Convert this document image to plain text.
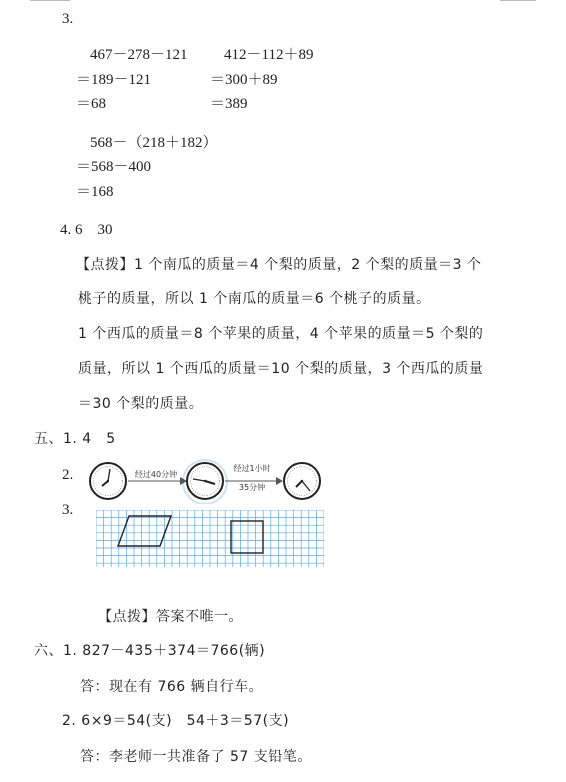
3.
467－278－121
＝189－121
＝68
412－112＋89
＝300＋89
＝389
568－（218＋182）
＝568－400
＝168
4. 6　30
【点拨】1 个南瓜的质量＝4 个梨的质量，2 个梨的质量＝3 个
桃子的质量，所以 1 个南瓜的质量＝6 个桃子的质量。
1 个西瓜的质量＝8 个苹果的质量，4 个苹果的质量＝5 个梨的
质量，所以 1 个西瓜的质量＝10 个梨的质量，3 个西瓜的质量
＝30 个梨的质量。
五、1. 4　5
2.	经过40分钟
经过1小时
35分钟
3.
【点拨】答案不唯一。
六、1. 827－435＋374＝766(辆)
答：现在有 766 辆自行车。
2. 6×9＝54(支)　54＋3＝57(支)
答：李老师一共准备了 57 支铅笔。
